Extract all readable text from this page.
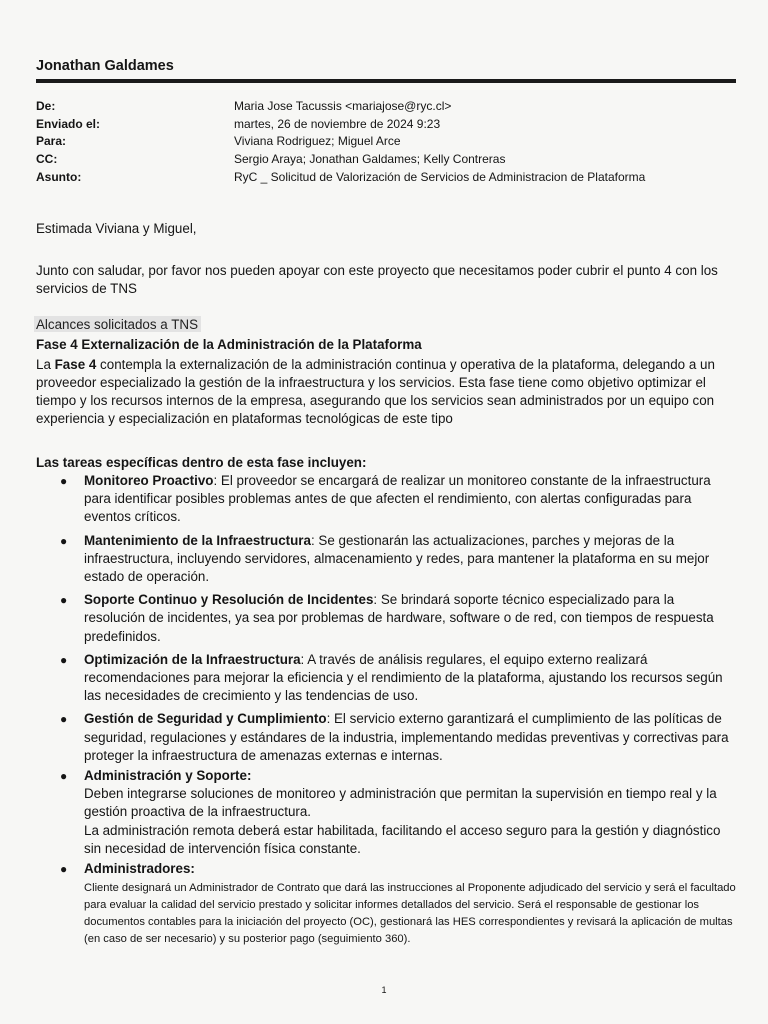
Jonathan Galdames
De:	Maria Jose Tacussis <mariajose@ryc.cl>
Enviado el:	martes, 26 de noviembre de 2024 9:23
Para:	Viviana Rodriguez; Miguel Arce
CC:	Sergio Araya; Jonathan Galdames; Kelly Contreras
Asunto:	RyC _ Solicitud de Valorización de Servicios de Administracion de Plataforma
Estimada Viviana y Miguel,
Junto con saludar, por favor nos pueden apoyar con este proyecto que necesitamos poder cubrir el punto 4 con los servicios de TNS
Alcances solicitados a TNS
Fase 4 Externalización de la Administración de la Plataforma
La Fase 4 contempla la externalización de la administración continua y operativa de la plataforma, delegando a un proveedor especializado la gestión de la infraestructura y los servicios. Esta fase tiene como objetivo optimizar el tiempo y los recursos internos de la empresa, asegurando que los servicios sean administrados por un equipo con experiencia y especialización en plataformas tecnológicas de este tipo
Las tareas específicas dentro de esta fase incluyen:
● Monitoreo Proactivo: El proveedor se encargará de realizar un monitoreo constante de la infraestructura para identificar posibles problemas antes de que afecten el rendimiento, con alertas configuradas para eventos críticos.
● Mantenimiento de la Infraestructura: Se gestionarán las actualizaciones, parches y mejoras de la infraestructura, incluyendo servidores, almacenamiento y redes, para mantener la plataforma en su mejor estado de operación.
● Soporte Continuo y Resolución de Incidentes: Se brindará soporte técnico especializado para la resolución de incidentes, ya sea por problemas de hardware, software o de red, con tiempos de respuesta predefinidos.
● Optimización de la Infraestructura: A través de análisis regulares, el equipo externo realizará recomendaciones para mejorar la eficiencia y el rendimiento de la plataforma, ajustando los recursos según las necesidades de crecimiento y las tendencias de uso.
● Gestión de Seguridad y Cumplimiento: El servicio externo garantizará el cumplimiento de las políticas de seguridad, regulaciones y estándares de la industria, implementando medidas preventivas y correctivas para proteger la infraestructura de amenazas externas e internas.
● Administración y Soporte:
Deben integrarse soluciones de monitoreo y administración que permitan la supervisión en tiempo real y la gestión proactiva de la infraestructura.
La administración remota deberá estar habilitada, facilitando el acceso seguro para la gestión y diagnóstico sin necesidad de intervención física constante.
● Administradores:
Cliente designará un Administrador de Contrato que dará las instrucciones al Proponente adjudicado del servicio y será el facultado para evaluar la calidad del servicio prestado y solicitar informes detallados del servicio. Será el responsable de gestionar los documentos contables para la iniciación del proyecto (OC), gestionará las HES correspondientes y revisará la aplicación de multas (en caso de ser necesario) y su posterior pago (seguimiento 360).
1
